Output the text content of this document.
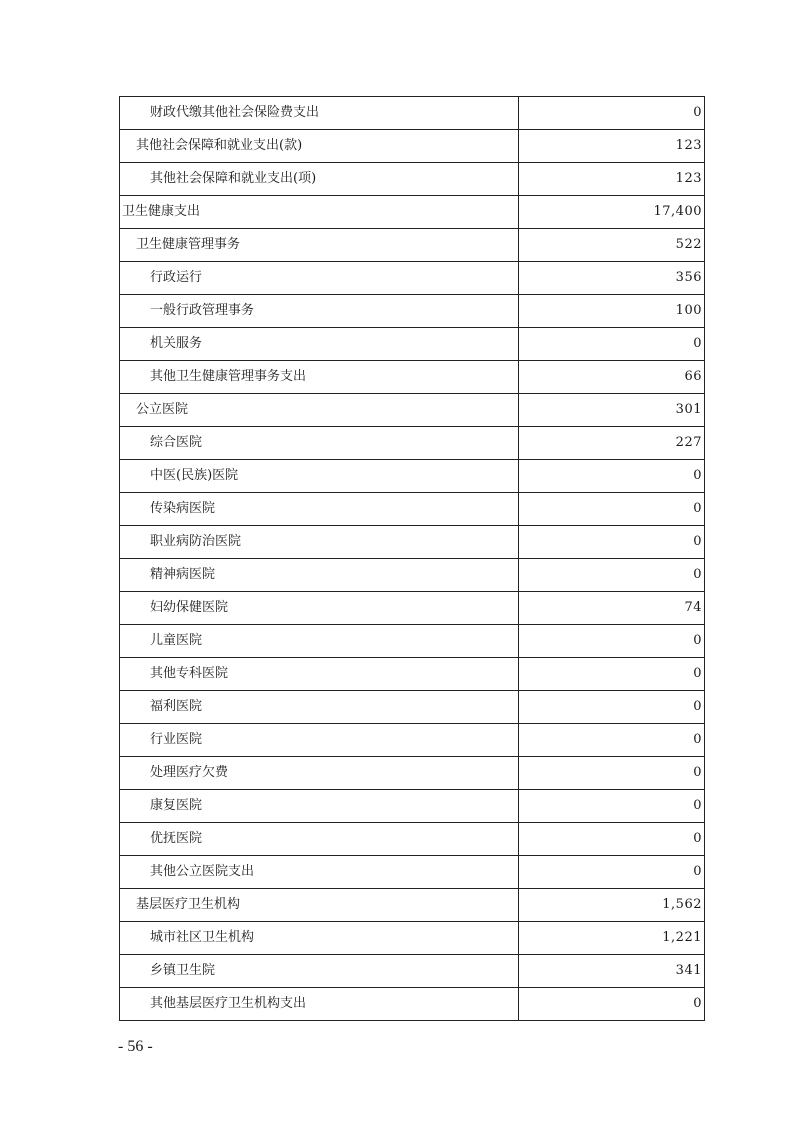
财政代缴其他社会保险费支出	0
其他社会保障和就业支出(款)	123
其他社会保障和就业支出(项)	123
卫生健康支出	17,400
卫生健康管理事务	522
行政运行	356
一般行政管理事务	100
机关服务	0
其他卫生健康管理事务支出	66
公立医院	301
综合医院	227
中医(民族)医院	0
传染病医院	0
职业病防治医院	0
精神病医院	0
妇幼保健医院	74
儿童医院	0
其他专科医院	0
福利医院	0
行业医院	0
处理医疗欠费	0
康复医院	0
优抚医院	0
其他公立医院支出	0
基层医疗卫生机构	1,562
城市社区卫生机构	1,221
乡镇卫生院	341
其他基层医疗卫生机构支出	0
- 56 -
